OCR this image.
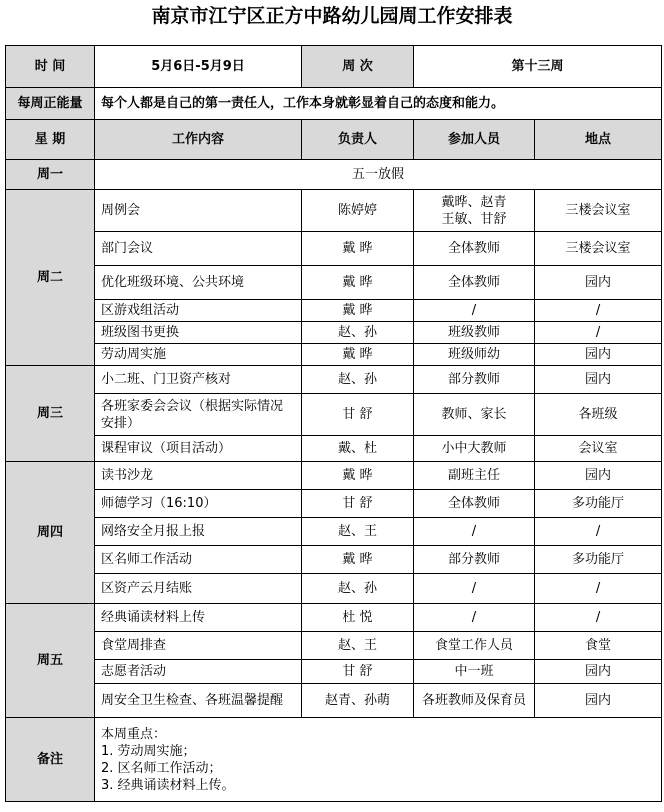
南京市江宁区正方中路幼儿园周工作安排表
时 间	5月6日-5月9日	周 次	第十三周	
每周正能量	每个人都是自己的第一责任人，工作本身就彰显着自己的态度和能力。			
星 期	工作内容	负责人	参加人员	地点
周一	五一放假			
周二	周例会	陈婷婷	戴晔、赵青
王敏、甘舒	三楼会议室
	部门会议	戴 晔	全体教师	三楼会议室
	优化班级环境、公共环境	戴 晔	全体教师	园内
	区游戏组活动	戴 晔	/	/
	班级图书更换	赵、孙	班级教师	/
	劳动周实施	戴 晔	班级师幼	园内
周三	小二班、门卫资产核对	赵、孙	部分教师	园内

	各班家委会会议（根据实际情况
安排）	甘 舒	教师、家长	各班级
	课程审议（项目活动）	戴、杜	小中大教师	会议室
周四	读书沙龙	戴 晔	副班主任	园内
	师德学习（16:10）	甘 舒	全体教师	多功能厅
	网络安全月报上报	赵、王	/	/
	区名师工作活动	戴 晔	部分教师	多功能厅
	区资产云月结账	赵、孙	/	/
周五	经典诵读材料上传	杜 悦	/	/
	食堂周排查	赵、王	食堂工作人员	食堂
	志愿者活动	甘 舒	中一班	园内
	周安全卫生检查、各班温馨提醒	赵青、孙萌	各班教师及保育员	园内
备注	本周重点：
1. 劳动周实施；
2. 区名师工作活动；
3. 经典诵读材料上传。			
